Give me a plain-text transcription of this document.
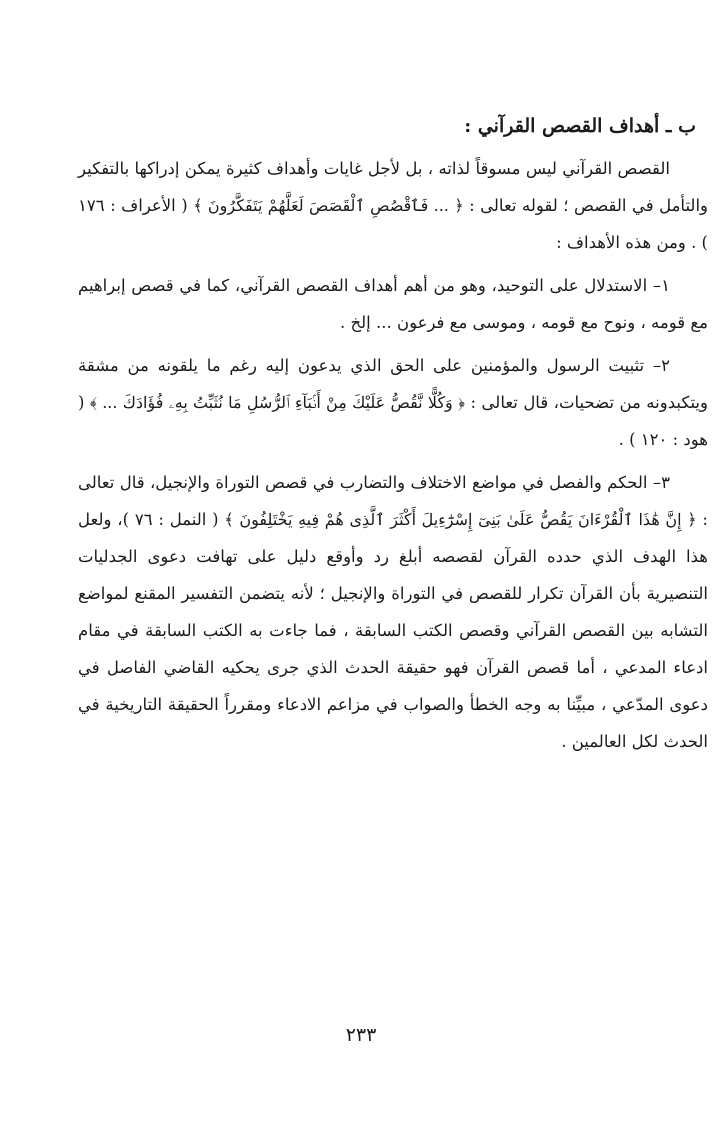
ب ـ أهداف القصص القرآني :

القصص القرآني ليس مسوقاً لذاته ، بل لأجل غايات وأهداف كثيرة يمكن إدراكها بالتفكير والتأمل في القصص ؛ لقوله تعالى : ﴿ ... فَٱقْصُصِ ٱلْقَصَصَ لَعَلَّهُمْ يَتَفَكَّرُونَ ﴾ ( الأعراف : ١٧٦ ) . ومن هذه الأهداف :

١– الاستدلال على التوحيد، وهو من أهم أهداف القصص القرآني، كما في قصص إبراهيم مع قومه ، ونوح مع قومه ، وموسى مع فرعون ... إلخ .

٢– تثبيت الرسول والمؤمنين على الحق الذي يدعون إليه رغم ما يلقونه من مشقة ويتكبدونه من تضحيات، قال تعالى : ﴿ وَكُلًّا نَّقُصُّ عَلَيْكَ مِنْ أَنۢبَآءِ ٱلرُّسُلِ مَا نُثَبِّتُ بِهِۦ فُؤَادَكَ ... ﴾ ( هود : ١٢٠ ) .

٣– الحكم والفصل في مواضع الاختلاف والتضارب في قصص التوراة والإنجيل، قال تعالى : ﴿ إِنَّ هَٰذَا ٱلْقُرْءَانَ يَقُصُّ عَلَىٰ بَنِىٓ إِسْرَٰٓءِيلَ أَكْثَرَ ٱلَّذِى هُمْ فِيهِ يَخْتَلِفُونَ ﴾ ( النمل : ٧٦ )، ولعل هذا الهدف الذي حدده القرآن لقصصه أبلغ رد وأوقع دليل على تهافت دعوى الجدليات التنصيرية بأن القرآن تكرار للقصص في التوراة والإنجيل ؛ لأنه يتضمن التفسير المقنع لمواضع التشابه بين القصص القرآني وقصص الكتب السابقة ، فما جاءت به الكتب السابقة في مقام ادعاء المدعي ، أما قصص القرآن فهو حقيقة الحدث الذي جرى يحكيه القاضي الفاصل في دعوى المدّعي ، مبيِّنا به وجه الخطأ والصواب في مزاعم الادعاء ومقرراً الحقيقة التاريخية في الحدث لكل العالمين .

٢٣٣
